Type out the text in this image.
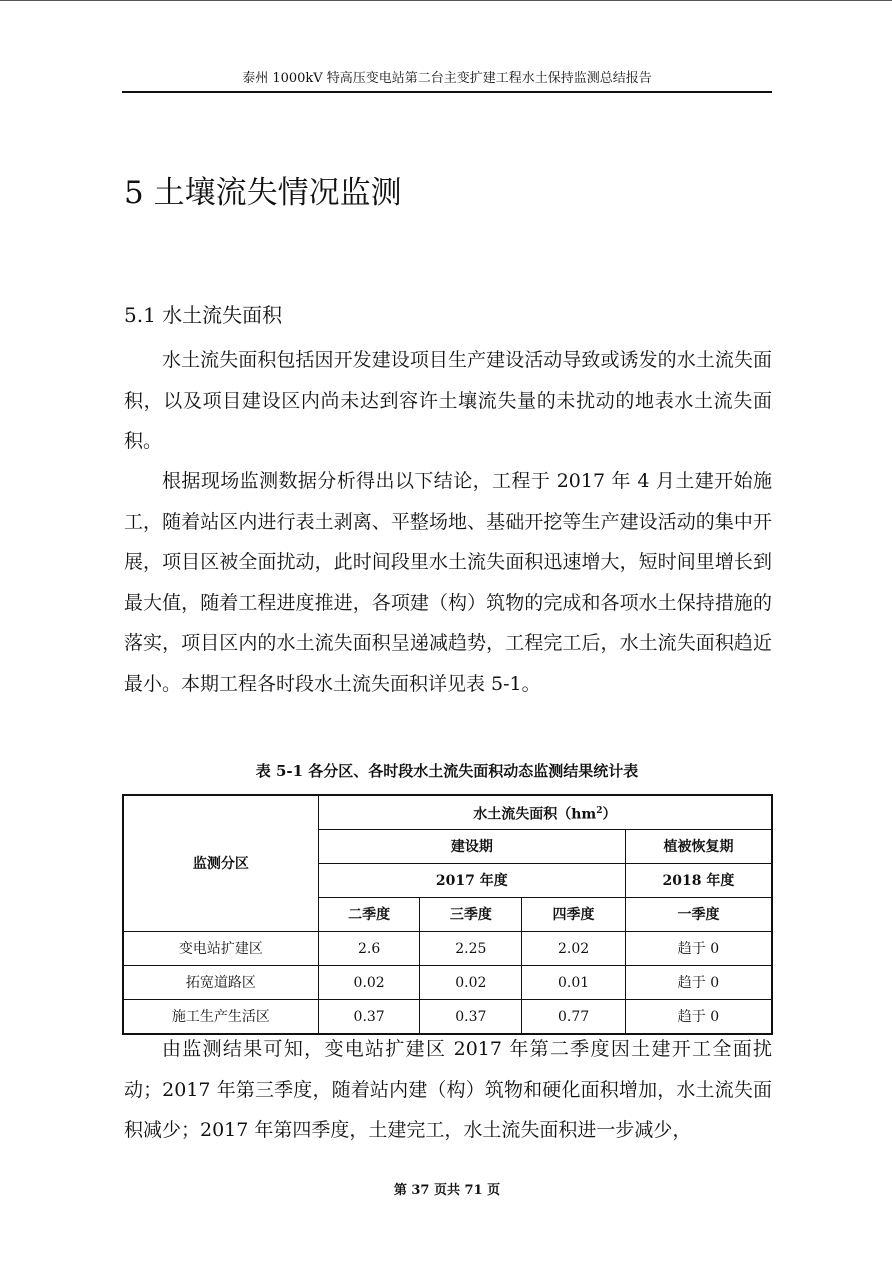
泰州 1000kV 特高压变电站第二台主变扩建工程水土保持监测总结报告
5 土壤流失情况监测
5.1 水土流失面积

水土流失面积包括因开发建设项目生产建设活动导致或诱发的水土流失面积，以及项目建设区内尚未达到容许土壤流失量的未扰动的地表水土流失面积。

根据现场监测数据分析得出以下结论，工程于 2017 年 4 月土建开始施工，随着站区内进行表土剥离、平整场地、基础开挖等生产建设活动的集中开展，项目区被全面扰动，此时间段里水土流失面积迅速增大，短时间里增长到最大值，随着工程进度推进，各项建（构）筑物的完成和各项水土保持措施的落实，项目区内的水土流失面积呈递减趋势，工程完工后，水土流失面积趋近最小。本期工程各时段水土流失面积详见表 5-1。

表 5-1 各分区、各时段水土流失面积动态监测结果统计表
监测分区	水土流失面积$(hm^2)$			
	建设期			植被恢复期
	2017 年度			2018 年度
	二季度	三季度	四季度	一季度
变电站扩建区	2.6	2.25	2.02	趋于 0
拓宽道路区	0.02	0.02	0.01	趋于 0
施工生产生活区	0.37	0.37	0.77	趋于 0

由监测结果可知，变电站扩建区 2017 年第二季度因土建开工全面扰动；2017 年第三季度，随着站内建（构）筑物和硬化面积增加，水土流失面积减少；2017 年第四季度，土建完工，水土流失面积进一步减少，

第 37 页共 71 页
